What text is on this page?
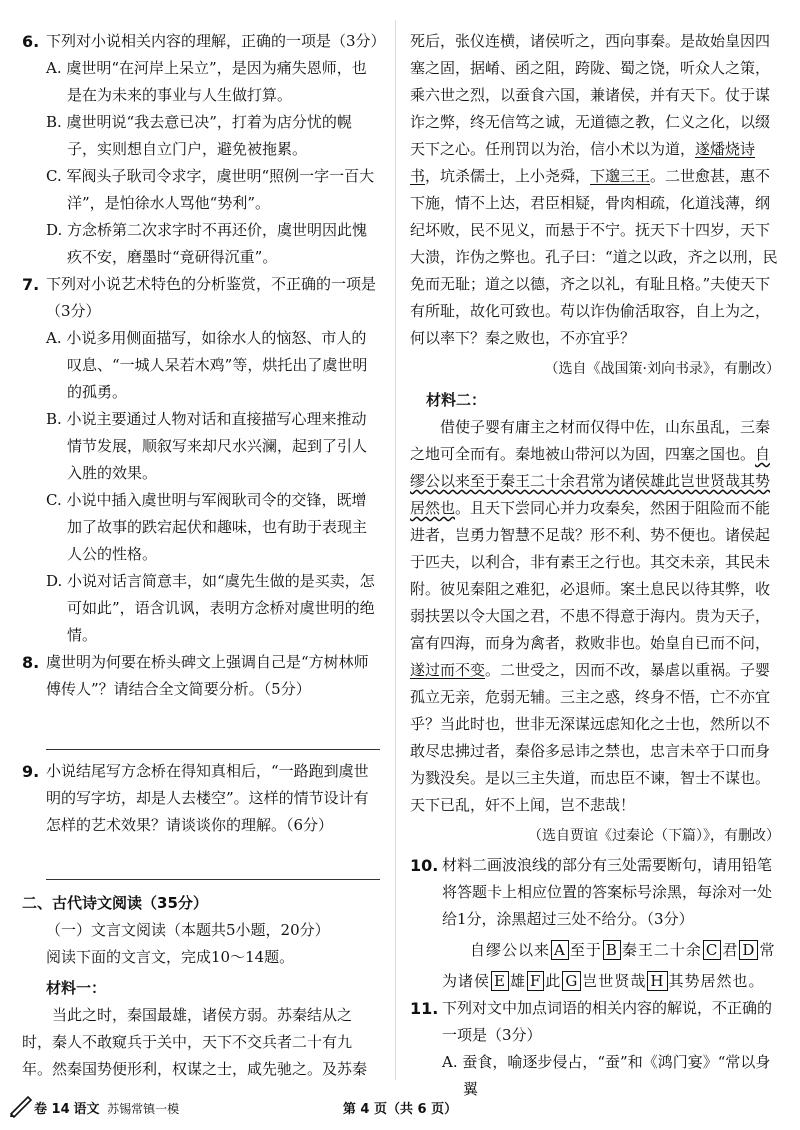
6. 下列对小说相关内容的理解，正确的一项是（3分）

A. 虞世明“在河岸上呆立”，是因为痛失恩师，也是在为未来的事业与人生做打算。

B. 虞世明说“我去意已决”，打着为店分忧的幌子，实则想自立门户，避免被拖累。

C. 军阀头子耿司令求字，虞世明“照例一字一百大洋”，是怕徐水人骂他“势利”。

D. 方念桥第二次求字时不再还价，虞世明因此愧疚不安，磨墨时“竟研得沉重”。

7. 下列对小说艺术特色的分析鉴赏，不正确的一项是（3分）

A. 小说多用侧面描写，如徐水人的恼怒、市人的叹息、“一城人呆若木鸡”等，烘托出了虞世明的孤勇。

B. 小说主要通过人物对话和直接描写心理来推动情节发展，顺叙写来却尺水兴澜，起到了引人入胜的效果。

C. 小说中插入虞世明与军阀耿司令的交锋，既增加了故事的跌宕起伏和趣味，也有助于表现主人公的性格。

D. 小说对话言简意丰，如“虞先生做的是买卖，怎可如此”，语含讥讽，表明方念桥对虞世明的绝情。

8. 虞世明为何要在桥头碑文上强调自己是“方树林师傅传人”？请结合全文简要分析。（5分）

9. 小说结尾写方念桥在得知真相后，“一路跑到虞世明的写字坊，却是人去楼空”。这样的情节设计有怎样的艺术效果？请谈谈你的理解。（6分）

二、古代诗文阅读（35分）

（一）文言文阅读（本题共5小题，20分）

阅读下面的文言文，完成10～14题。

材料一：

当此之时，秦国最雄，诸侯方弱。苏秦结从之时，秦人不敢窥兵于关中，天下不交兵者二十有九年。然秦国势便形利，权谋之士，咸先驰之。及苏秦

死后，张仪连横，诸侯听之，西向事秦。是故始皇因四塞之固，据崤、函之阻，跨陇、蜀之饶，听众人之策，乘六世之烈，以蚕食六国，兼诸侯，并有天下。仗于谋诈之弊，终无信笃之诚，无道德之教，仁义之化，以缀天下之心。任刑罚以为治，信小术以为道，遂燔烧诗书，坑杀儒士，上小尧舜，下邈三王。二世愈甚，惠不下施，情不上达，君臣相疑，骨肉相疏，化道浅薄，纲纪坏败，民不见义，而悬于不宁。抚天下十四岁，天下大溃，诈伪之弊也。孔子曰：“道之以政，齐之以刑，民免而无耻；道之以德，齐之以礼，有耻且格。”夫使天下有所耻，故化可致也。苟以诈伪偷活取容，自上为之，何以率下？秦之败也，不亦宜乎？

（选自《战国策·刘向书录》，有删改）

材料二：

借使子婴有庸主之材而仅得中佐，山东虽乱，三秦之地可全而有。秦地被山带河以为固，四塞之国也。自缪公以来至于秦王二十余君常为诸侯雄此岂世贤哉其势居然也。且天下尝同心并力攻秦矣，然困于阻险而不能进者，岂勇力智慧不足哉？形不利、势不便也。诸侯起于匹夫，以利合，非有素王之行也。其交未亲，其民未附。彼见秦阻之难犯，必退师。案土息民以待其弊，收弱扶罢以令大国之君，不患不得意于海内。贵为天子，富有四海，而身为禽者，救败非也。始皇自已而不问，遂过而不变。二世受之，因而不改，暴虐以重祸。子婴孤立无亲，危弱无辅。三主之惑，终身不悟，亡不亦宜乎？当此时也，世非无深谋远虑知化之士也，然所以不敢尽忠拂过者，秦俗多忌讳之禁也，忠言未卒于口而身为戮没矣。是以三主失道，而忠臣不谏，智士不谋也。天下已乱，奸不上闻，岂不悲哉！

（选自贾谊《过秦论（下篇）》，有删改）

10. 材料二画波浪线的部分有三处需要断句，请用铅笔将答题卡上相应位置的答案标号涂黑，每涂对一处给1分，涂黑超过三处不给分。（3分）

自缪公以来 A 至于 B 秦王二十余 C 君 D 常

为诸侯 E 雄 F 此 G 岂世贤哉 H 其势居然也。

11. 下列对文中加点词语的相关内容的解说，不正确的一项是（3分）

A. 蚕食，喻逐步侵占，“蚕”和《鸿门宴》“常以身翼

卷 14 语文 苏锡常镇一模	第 4 页（共 6 页）
